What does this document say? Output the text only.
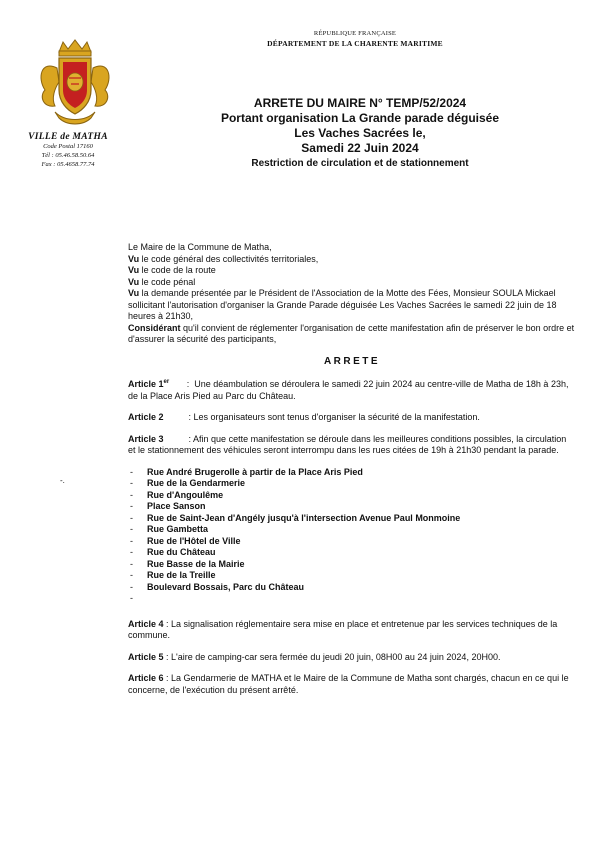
RÉPUBLIQUE FRANÇAISE
DÉPARTEMENT DE LA CHARENTE MARITIME
VILLE de MATHA
Code Postal 17160
Tél : 05.46.58.50.64
Fax : 05.4658.77.74
ARRETE DU MAIRE N° TEMP/52/2024
Portant organisation La Grande parade déguisée
Les Vaches Sacrées le,
Samedi 22 Juin 2024
Restriction de circulation et de stationnement
-.

Le Maire de la Commune de Matha,

Vu le code général des collectivités territoriales,

Vu le code de la route

Vu le code pénal

Vu la demande présentée par le Président de l'Association de la Motte des Fées, Monsieur SOULA Mickael sollicitant l'autorisation d'organiser la Grande Parade déguisée Les Vaches Sacrées le samedi 22 juin de 18 heures à 21h30,

Considérant qu'il convient de réglementer l'organisation de cette manifestation afin de préserver le bon ordre et d'assurer la sécurité des participants,

ARRETE

Article 1er       :  Une déambulation se déroulera le samedi 22 juin 2024 au centre-ville de Matha de 18h à 23h, de la Place Aris Pied au Parc du Château.

Article 2          : Les organisateurs sont tenus d'organiser la sécurité de la manifestation.

Article 3          : Afin que cette manifestation se déroule dans les meilleures conditions possibles, la circulation et le stationnement des véhicules seront interrompu dans les rues citées de 19h à 21h30 pendant la parade.

- Rue André Brugerolle à partir de la Place Aris Pied
- Rue de la Gendarmerie
- Rue d'Angoulême
- Place Sanson
- Rue de Saint-Jean d'Angély jusqu'à l'intersection Avenue Paul Monmoine
- Rue Gambetta
- Rue de l'Hôtel de Ville
- Rue du Château
- Rue Basse de la Mairie
- Rue de la Treille
- Boulevard Bossais, Parc du Château
-

Article 4 : La signalisation réglementaire sera mise en place et entretenue par les services techniques de la commune.

Article 5 : L'aire de camping-car sera fermée du jeudi 20 juin, 08H00 au 24 juin 2024, 20H00.

Article 6 : La Gendarmerie de MATHA et le Maire de la Commune de Matha sont chargés, chacun en ce qui le concerne, de l'exécution du présent arrêté.
